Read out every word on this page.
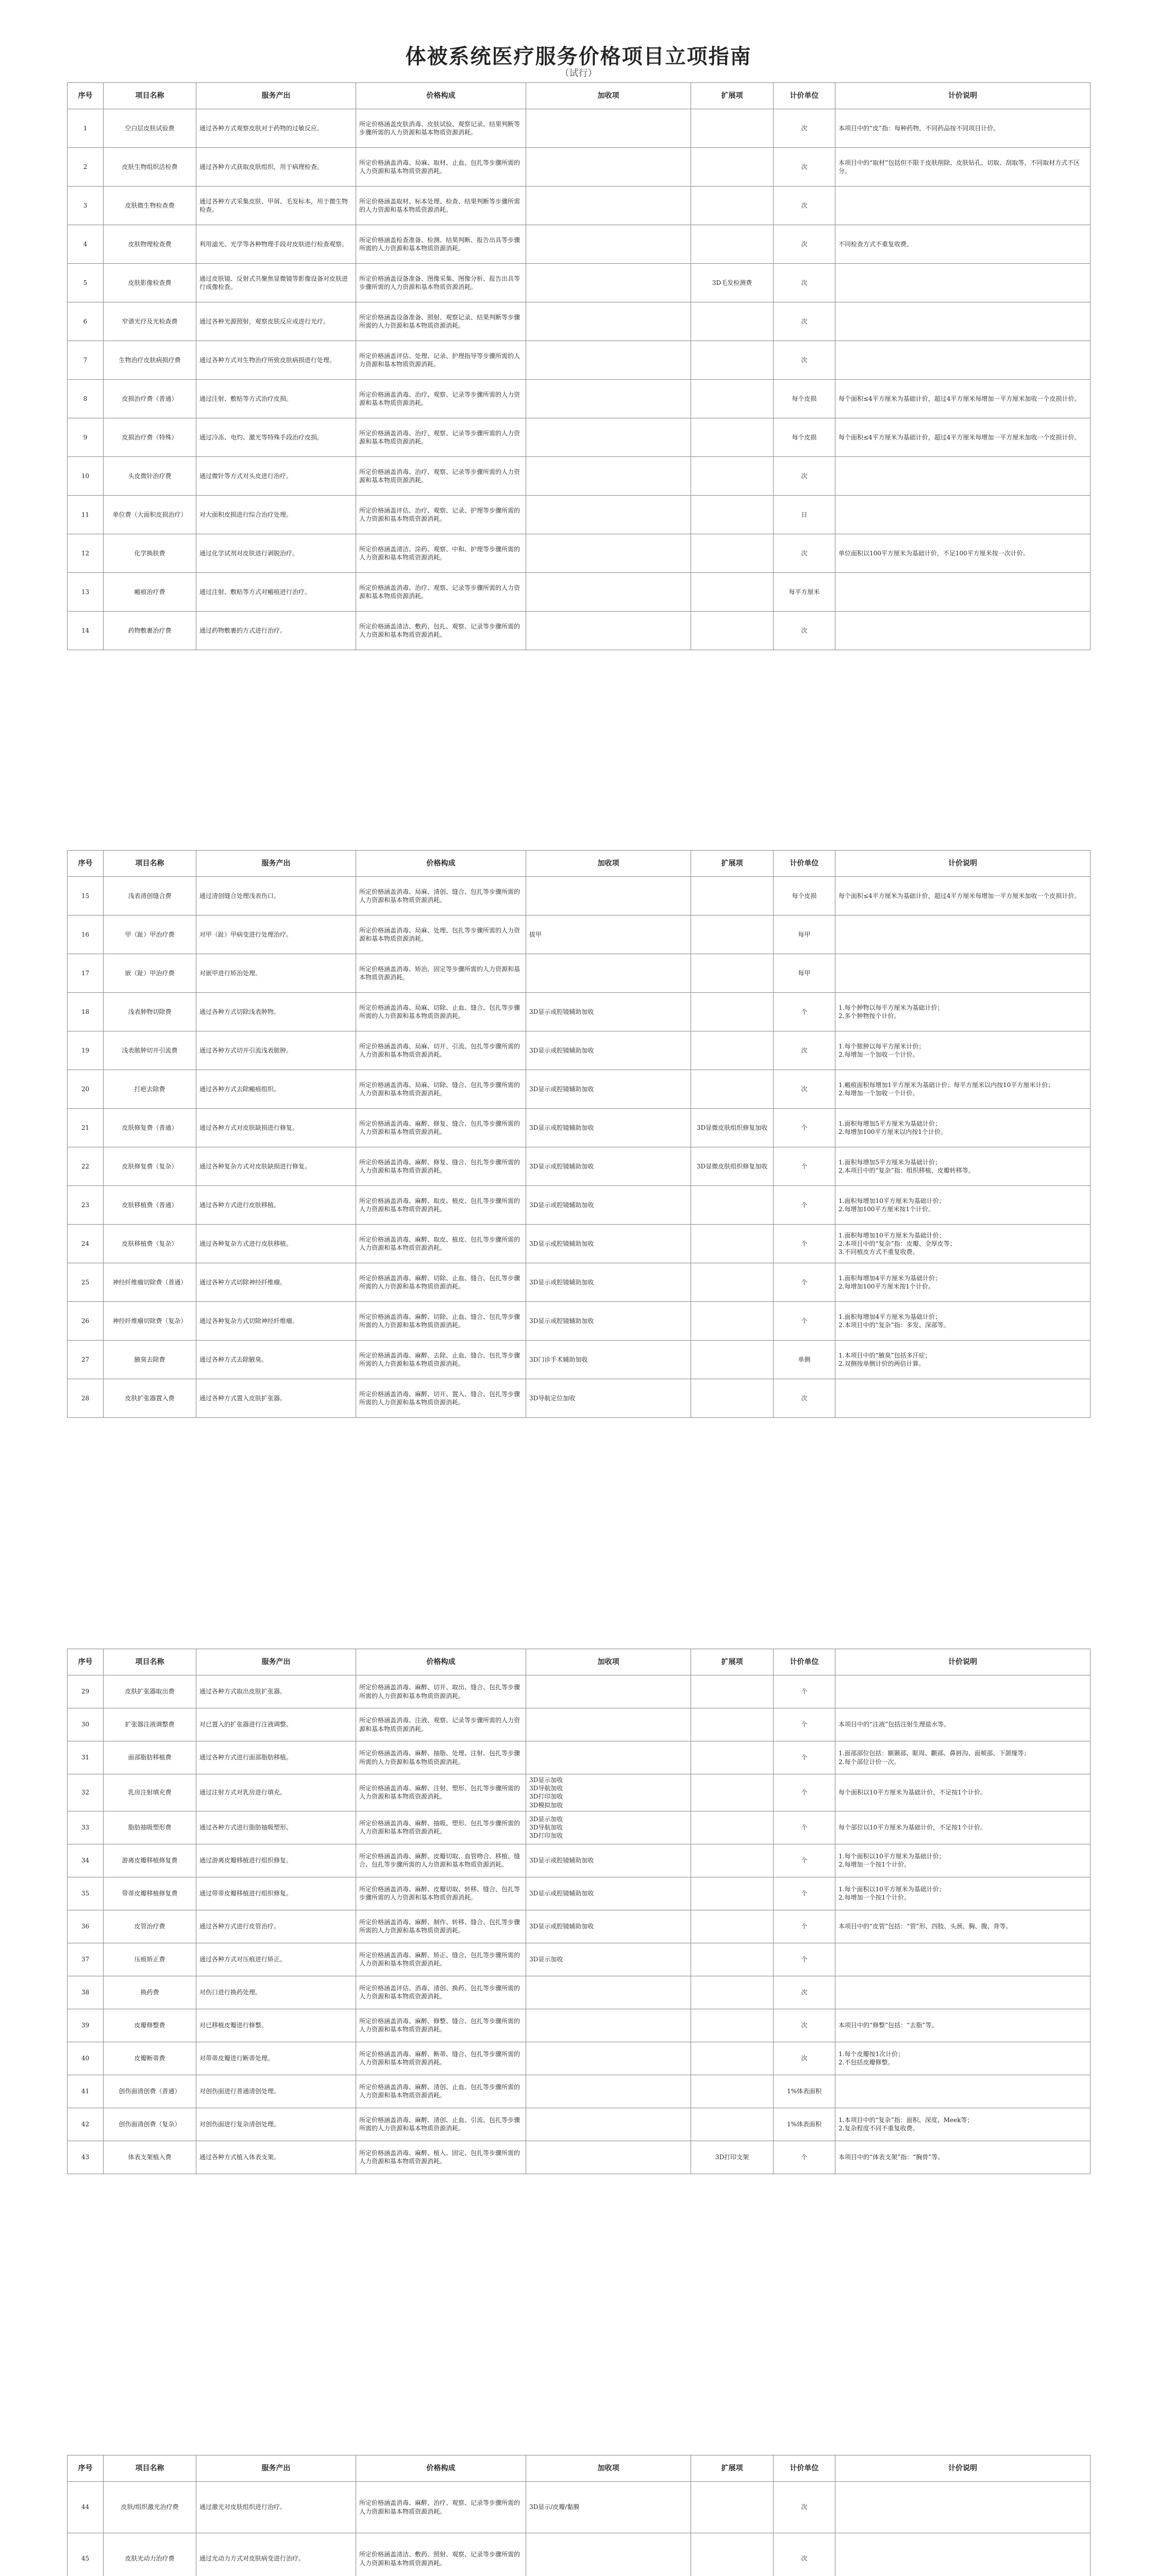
体被系统医疗服务价格项目立项指南
（试行）
序号	项目名称	服务产出	价格构成	加收项	扩展项	计价单位	计价说明
1	空白层皮肤试验费	通过各种方式观察皮肤对于药物的过敏反应。	所定价格涵盖皮肤消毒、皮肤试验、观察记录、结果判断等步骤所需的人力资源和基本物质资源消耗。			次	本项目中的“皮”指：每种药物，不同药品按不同项目计价。
2	皮肤生物组织活检费	通过各种方式获取皮肤组织，用于病理检查。	所定价格涵盖消毒、局麻、取材、止血、包扎等步骤所需的人力资源和基本物质资源消耗。			次	本项目中的“取材”包括但不限于皮肤削除、皮肤钻孔、切取、刮取等，不同取材方式不区分。
3	皮肤微生物检查费	通过各种方式采集皮肤、甲屑、毛发标本，用于微生物检查。	所定价格涵盖取材、标本处理、检查、结果判断等步骤所需的人力资源和基本物质资源消耗。			次	
4	皮肤物理检查费	利用滤光、光学等各种物理手段对皮肤进行检查观察。	所定价格涵盖检查准备、检测、结果判断、报告出具等步骤所需的人力资源和基本物质资源消耗。			次	不同检查方式不重复收费。
5	皮肤影像检查费	通过皮肤镜、反射式共聚焦显微镜等影像设备对皮肤进行成像检查。	所定价格涵盖设备准备、图像采集、图像分析、报告出具等步骤所需的人力资源和基本物质资源消耗。		3D毛发检测费	次	
6	窄谱光疗及光检查费	通过各种光源照射，观察皮肤反应或进行光疗。	所定价格涵盖设备准备、照射、观察记录、结果判断等步骤所需的人力资源和基本物质资源消耗。			次	
7	生物治疗皮肤病损疗费	通过各种方式对生物治疗所致皮肤病损进行处理。	所定价格涵盖评估、处理、记录、护理指导等步骤所需的人力资源和基本物质资源消耗。			次	
8	皮损治疗费（普通）	通过注射、敷贴等方式治疗皮损。	所定价格涵盖消毒、治疗、观察、记录等步骤所需的人力资源和基本物质资源消耗。			每个皮损	每个面积≤4平方厘米为基础计价，超过4平方厘米每增加一平方厘米加收一个皮损计价。
9	皮损治疗费（特殊）	通过冷冻、电灼、激光等特殊手段治疗皮损。	所定价格涵盖消毒、治疗、观察、记录等步骤所需的人力资源和基本物质资源消耗。			每个皮损	每个面积≤4平方厘米为基础计价，超过4平方厘米每增加一平方厘米加收一个皮损计价。
10	头皮微针治疗费	通过微针等方式对头皮进行治疗。	所定价格涵盖消毒、治疗、观察、记录等步骤所需的人力资源和基本物质资源消耗。			次	
11	单位费（大面积皮损治疗）	对大面积皮损进行综合治疗处理。	所定价格涵盖评估、治疗、观察、记录、护理等步骤所需的人力资源和基本物质资源消耗。			日	
12	化学换肤费	通过化学试剂对皮肤进行剥脱治疗。	所定价格涵盖清洁、涂药、观察、中和、护理等步骤所需的人力资源和基本物质资源消耗。			次	单位面积以100平方厘米为基础计价，不足100平方厘米按一次计价。
13	瘢痕治疗费	通过注射、敷贴等方式对瘢痕进行治疗。	所定价格涵盖消毒、治疗、观察、记录等步骤所需的人力资源和基本物质资源消耗。			每平方厘米	
14	药物敷裹治疗费	通过药物敷裹的方式进行治疗。	所定价格涵盖清洁、敷药、包扎、观察、记录等步骤所需的人力资源和基本物质资源消耗。			次	
序号	项目名称	服务产出	价格构成	加收项	扩展项	计价单位	计价说明
15	浅表清创缝合费	通过清创缝合处理浅表伤口。	所定价格涵盖消毒、局麻、清创、缝合、包扎等步骤所需的人力资源和基本物质资源消耗。			每个皮损	每个面积≤4平方厘米为基础计价，超过4平方厘米每增加一平方厘米加收一个皮损计价。
16	甲（趾）甲治疗费	对甲（趾）甲病变进行处理治疗。	所定价格涵盖消毒、局麻、处理、包扎等步骤所需的人力资源和基本物质资源消耗。	拔甲		每甲	
17	嵌（趾）甲治疗费	对嵌甲进行矫治处理。	所定价格涵盖消毒、矫治、固定等步骤所需的人力资源和基本物质资源消耗。			每甲	
18	浅表肿物切除费	通过各种方式切除浅表肿物。	所定价格涵盖消毒、局麻、切除、止血、缝合、包扎等步骤所需的人力资源和基本物质资源消耗。	3D显示或腔镜辅助加收		个	1.每个肿物以每平方厘米为基础计价；
2.多个肿物按个计价。
19	浅表脓肿切开引流费	通过各种方式切开引流浅表脓肿。	所定价格涵盖消毒、局麻、切开、引流、包扎等步骤所需的人力资源和基本物质资源消耗。	3D显示或腔镜辅助加收		次	1.每个脓肿以每平方厘米计价；
2.每增加一个加收一个计价。
20	打疤去除费	通过各种方式去除瘢痕组织。	所定价格涵盖消毒、局麻、切除、缝合、包扎等步骤所需的人力资源和基本物质资源消耗。	3D显示或腔镜辅助加收		次	1.瘢痕面积每增加1平方厘米为基础计价；每平方厘米以内按10平方厘米计价；
2.每增加一个加收一个计价。
21	皮肤修复费（普通）	通过各种方式对皮肤缺损进行修复。	所定价格涵盖消毒、麻醉、修复、缝合、包扎等步骤所需的人力资源和基本物质资源消耗。	3D显示或腔镜辅助加收	3D显微皮肤组织修复加收	个	1.面积每增加5平方厘米为基础计价；
2.每增加100平方厘米以内按1个计价。
22	皮肤修复费（复杂）	通过各种复杂方式对皮肤缺损进行修复。	所定价格涵盖消毒、麻醉、修复、缝合、包扎等步骤所需的人力资源和基本物质资源消耗。	3D显示或腔镜辅助加收	3D显微皮肤组织修复加收	个	1.面积每增加5平方厘米为基础计价；
2.本项目中的“复杂”指：组织移植、皮瓣转移等。
23	皮肤移植费（普通）	通过各种方式进行皮肤移植。	所定价格涵盖消毒、麻醉、取皮、植皮、包扎等步骤所需的人力资源和基本物质资源消耗。	3D显示或腔镜辅助加收		个	1.面积每增加10平方厘米为基础计价；
2.每增加100平方厘米按1个计价。
24	皮肤移植费（复杂）	通过各种复杂方式进行皮肤移植。	所定价格涵盖消毒、麻醉、取皮、植皮、包扎等步骤所需的人力资源和基本物质资源消耗。	3D显示或腔镜辅助加收		个	1.面积每增加10平方厘米为基础计价；
2.本项目中的“复杂”指：皮瓣、全厚皮等；
3.不同植皮方式不重复收费。
25	神经纤维瘤切除费（普通）	通过各种方式切除神经纤维瘤。	所定价格涵盖消毒、麻醉、切除、止血、缝合、包扎等步骤所需的人力资源和基本物质资源消耗。	3D显示或腔镜辅助加收		个	1.面积每增加4平方厘米为基础计价；
2.每增加100平方厘米按1个计价。
26	神经纤维瘤切除费（复杂）	通过各种复杂方式切除神经纤维瘤。	所定价格涵盖消毒、麻醉、切除、止血、缝合、包扎等步骤所需的人力资源和基本物质资源消耗。	3D显示或腔镜辅助加收		个	1.面积每增加4平方厘米为基础计价；
2.本项目中的“复杂”指：多发、深部等。
27	腋臭去除费	通过各种方式去除腋臭。	所定价格涵盖消毒、麻醉、去除、止血、缝合、包扎等步骤所需的人力资源和基本物质资源消耗。	3D门诊手术辅助加收		单侧	1.本项目中的“腋臭”包括多汗症；
2.双侧按单侧计价的两倍计算。
28	皮肤扩张器置入费	通过各种方式置入皮肤扩张器。	所定价格涵盖消毒、麻醉、切开、置入、缝合、包扎等步骤所需的人力资源和基本物质资源消耗。	3D导航定位加收		次	
序号	项目名称	服务产出	价格构成	加收项	扩展项	计价单位	计价说明
29	皮肤扩张器取出费	通过各种方式取出皮肤扩张器。	所定价格涵盖消毒、麻醉、切开、取出、缝合、包扎等步骤所需的人力资源和基本物质资源消耗。			个	
30	扩张器注液调整费	对已置入的扩张器进行注液调整。	所定价格涵盖消毒、注液、观察、记录等步骤所需的人力资源和基本物质资源消耗。			个	本项目中的“注液”包括注射生理盐水等。
31	面部脂肪移植费	通过各种方式进行面部脂肪移植。	所定价格涵盖消毒、麻醉、抽脂、处理、注射、包扎等步骤所需的人力资源和基本物质资源消耗。			个	1.面部部位包括：额颞部、眶周、颧部、鼻唇沟、面颊部、下颌缘等；
2.每个部位计价一次。
32	乳房注射填充费	通过注射方式对乳房进行填充。	所定价格涵盖消毒、麻醉、注射、塑形、包扎等步骤所需的人力资源和基本物质资源消耗。	3D显示加收
3D导航加收
3D打印加收
3D模拟加收		个	每个面积以10平方厘米为基础计价，不足按1个计价。
33	脂肪抽吸塑形费	通过各种方式进行脂肪抽吸塑形。	所定价格涵盖消毒、麻醉、抽吸、塑形、包扎等步骤所需的人力资源和基本物质资源消耗。	3D显示加收
3D导航加收
3D打印加收		个	每个部位以10平方厘米为基础计价，不足按1个计价。
34	游离皮瓣移植修复费	通过游离皮瓣移植进行组织修复。	所定价格涵盖消毒、麻醉、皮瓣切取、血管吻合、移植、缝合、包扎等步骤所需的人力资源和基本物质资源消耗。	3D显示或腔镜辅助加收		个	1.每个面积以10平方厘米为基础计价；
2.每增加一个按1个计价。
35	带蒂皮瓣移植修复费	通过带蒂皮瓣移植进行组织修复。	所定价格涵盖消毒、麻醉、皮瓣切取、转移、缝合、包扎等步骤所需的人力资源和基本物质资源消耗。	3D显示或腔镜辅助加收		个	1.每个面积以10平方厘米为基础计价；
2.每增加一个按1个计价。
36	皮管治疗费	通过各种方式进行皮管治疗。	所定价格涵盖消毒、麻醉、制作、转移、缝合、包扎等步骤所需的人力资源和基本物质资源消耗。	3D显示或腔镜辅助加收		个	本项目中的“皮管”包括：“管”形、四肢、头颈、胸、腹、背等。
37	压痕矫正费	通过各种方式对压痕进行矫正。	所定价格涵盖消毒、麻醉、矫正、缝合、包扎等步骤所需的人力资源和基本物质资源消耗。	3D显示加收		个	
38	换药费	对伤口进行换药处理。	所定价格涵盖评估、消毒、清创、换药、包扎等步骤所需的人力资源和基本物质资源消耗。			次	
39	皮瓣修整费	对已移植皮瓣进行修整。	所定价格涵盖消毒、麻醉、修整、缝合、包扎等步骤所需的人力资源和基本物质资源消耗。			次	本项目中的“修整”包括：“去脂”等。
40	皮瓣断蒂费	对带蒂皮瓣进行断蒂处理。	所定价格涵盖消毒、麻醉、断蒂、缝合、包扎等步骤所需的人力资源和基本物质资源消耗。			次	1.每个皮瓣按1次计价；
2.不包括皮瓣修整。
41	创伤面清创费（普通）	对创伤面进行普通清创处理。	所定价格涵盖消毒、麻醉、清创、止血、包扎等步骤所需的人力资源和基本物质资源消耗。			1%体表面积	
42	创伤面清创费（复杂）	对创伤面进行复杂清创处理。	所定价格涵盖消毒、麻醉、清创、止血、引流、包扎等步骤所需的人力资源和基本物质资源消耗。			1%体表面积	1.本项目中的“复杂”指：面积、深度、Meek等；
2.复杂程度不同不重复收费。
43	体表支架植入费	通过各种方式植入体表支架。	所定价格涵盖消毒、麻醉、植入、固定、包扎等步骤所需的人力资源和基本物质资源消耗。		3D打印支架	个	本项目中的“体表支架”指：“胸骨”等。
序号	项目名称	服务产出	价格构成	加收项	扩展项	计价单位	计价说明
44	皮肤/组织激光治疗费	通过激光对皮肤组织进行治疗。	所定价格涵盖消毒、麻醉、治疗、观察、记录等步骤所需的人力资源和基本物质资源消耗。	3D显示/皮瓣/黏膜		次	
45	皮肤光动力治疗费	通过光动力方式对皮肤病变进行治疗。	所定价格涵盖清洁、敷药、照射、观察、记录等步骤所需的人力资源和基本物质资源消耗。			次	
